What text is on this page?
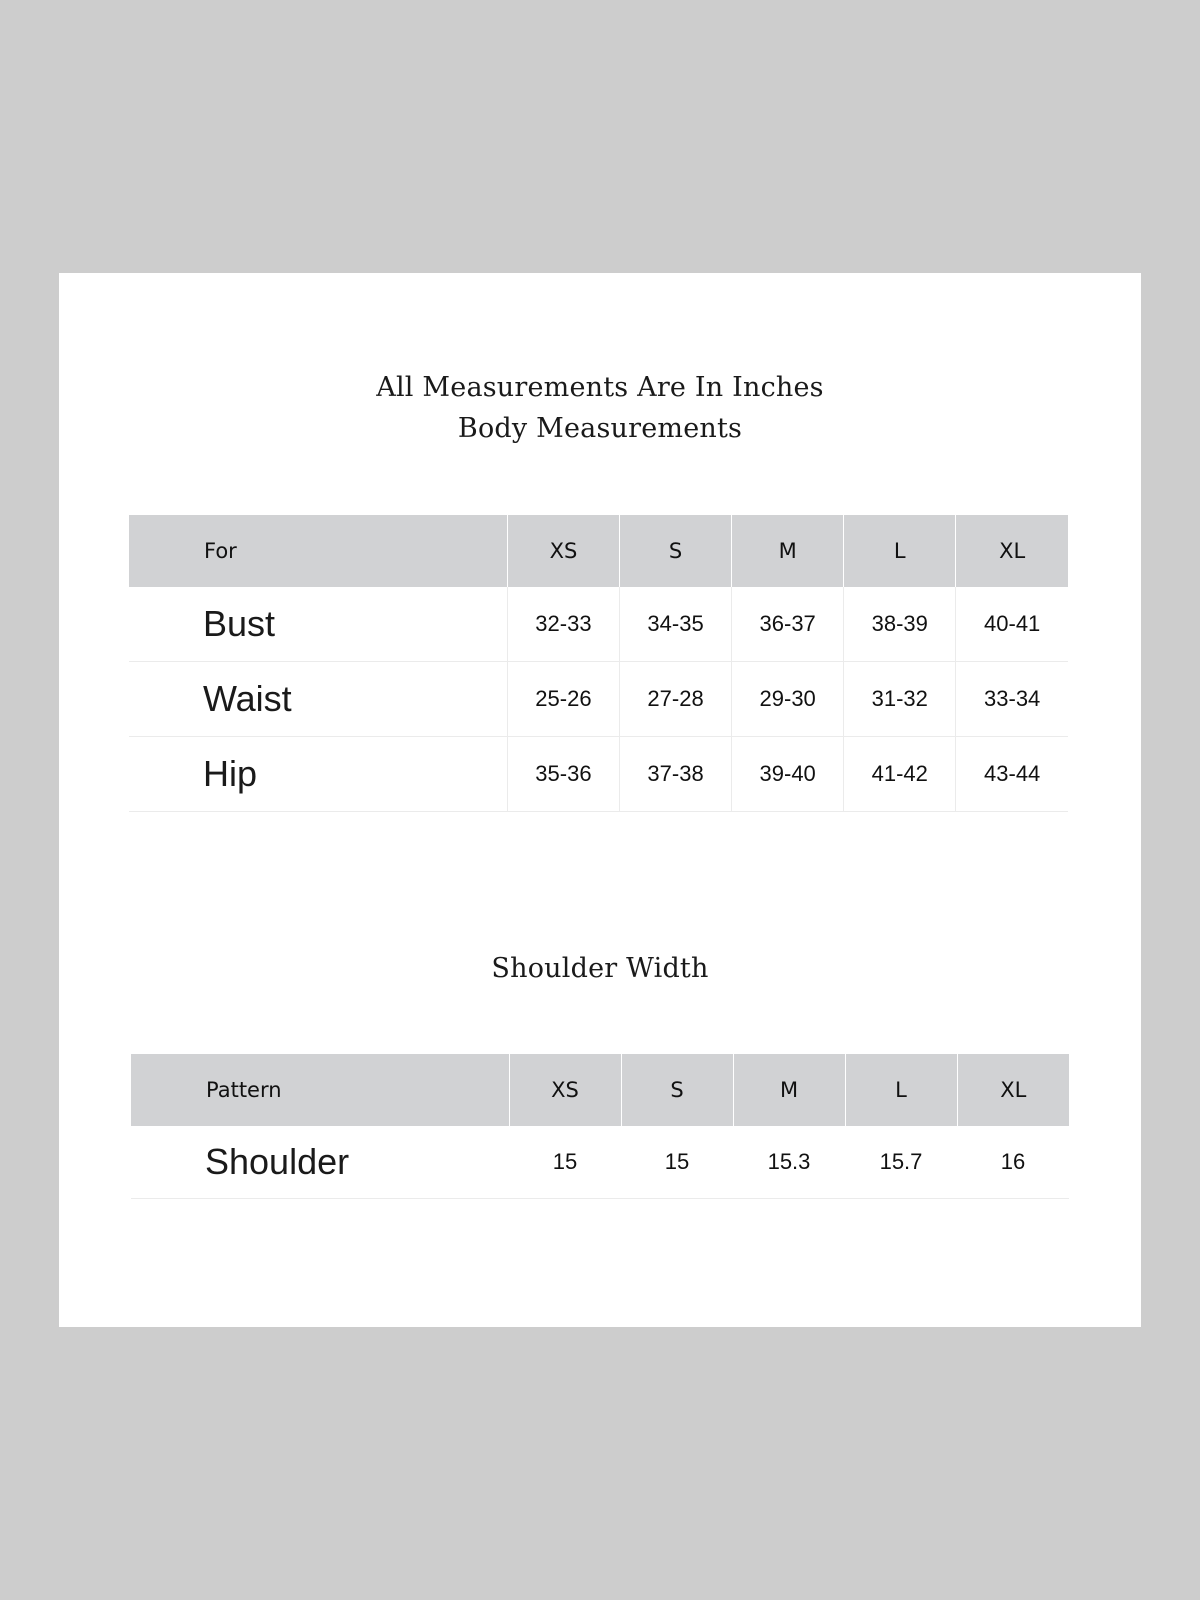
All Measurements Are In Inches
Body Measurements
For	XS	S	M	L	XL
Bust	32-33	34-35	36-37	38-39	40-41
Waist	25-26	27-28	29-30	31-32	33-34
Hip	35-36	37-38	39-40	41-42	43-44
Shoulder Width
Pattern	XS	S	M	L	XL
Shoulder	15	15	15.3	15.7	16
